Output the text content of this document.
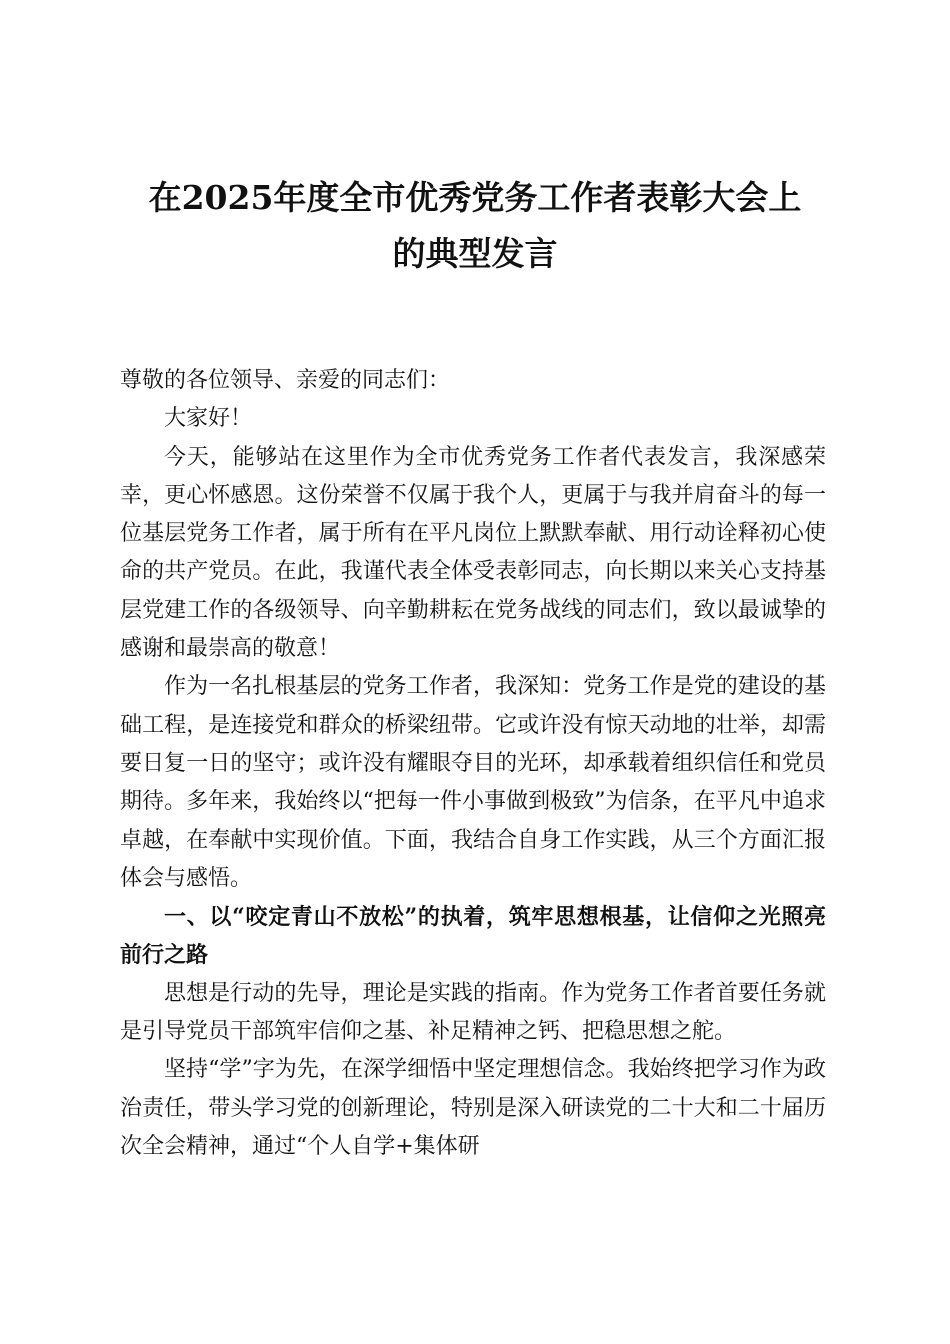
在2025年度全市优秀党务工作者表彰大会上
的典型发言

尊敬的各位领导、亲爱的同志们：

大家好！

今天，能够站在这里作为全市优秀党务工作者代表发言，我深感荣幸，更心怀感恩。这份荣誉不仅属于我个人，更属于与我并肩奋斗的每一位基层党务工作者，属于所有在平凡岗位上默默奉献、用行动诠释初心使命的共产党员。在此，我谨代表全体受表彰同志，向长期以来关心支持基层党建工作的各级领导、向辛勤耕耘在党务战线的同志们，致以最诚挚的感谢和最崇高的敬意！

作为一名扎根基层的党务工作者，我深知：党务工作是党的建设的基础工程，是连接党和群众的桥梁纽带。它或许没有惊天动地的壮举，却需要日复一日的坚守；或许没有耀眼夺目的光环，却承载着组织信任和党员期待。多年来，我始终以“把每一件小事做到极致”为信条，在平凡中追求卓越，在奉献中实现价值。下面，我结合自身工作实践，从三个方面汇报体会与感悟。

一、以“咬定青山不放松”的执着，筑牢思想根基，让信仰之光照亮前行之路

思想是行动的先导，理论是实践的指南。作为党务工作者首要任务就是引导党员干部筑牢信仰之基、补足精神之钙、把稳思想之舵。

坚持“学”字为先，在深学细悟中坚定理想信念。我始终把学习作为政治责任，带头学习党的创新理论，特别是深入研读党的二十大和二十届历次全会精神，通过“个人自学+集体研
